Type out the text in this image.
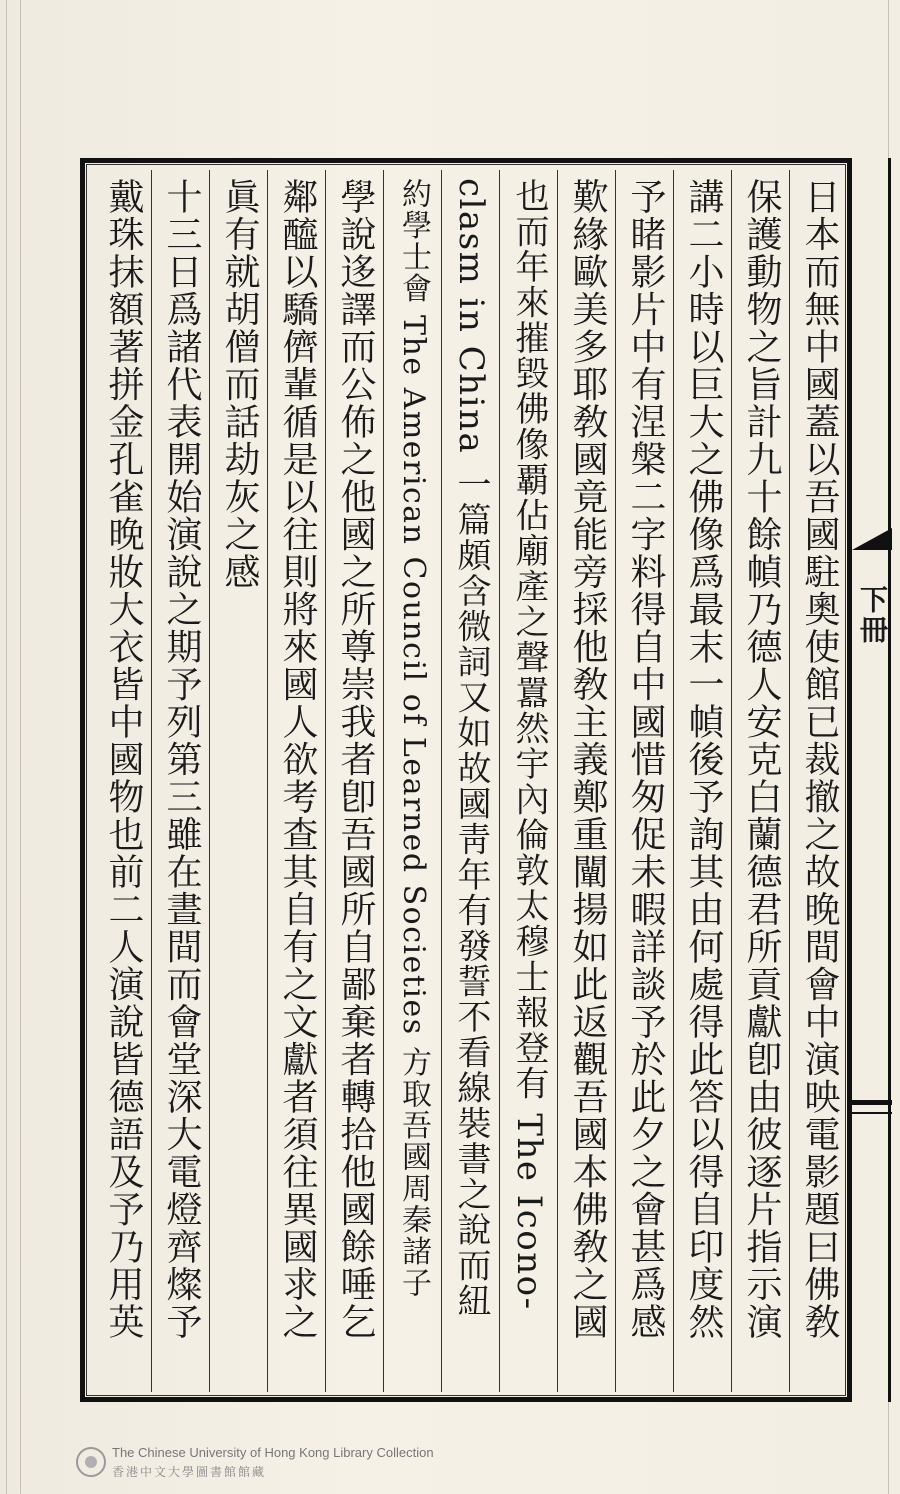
日本而無中國蓋以吾國駐奧使館已裁撤之故晚間會中演映電影題曰佛敎
保護動物之旨計九十餘幀乃德人安克白蘭德君所貢獻卽由彼逐片指示演
講二小時以巨大之佛像爲最末一幀後予詢其由何處得此答以得自印度然
予睹影片中有涅槃二字料得自中國惜匆促未暇詳談予於此夕之會甚爲感
歎緣歐美多耶敎國竟能旁採他敎主義鄭重闡揚如此返觀吾國本佛敎之國
也而年來摧毀佛像覇佔廟產之聲囂然宇內倫敦太穆士報登有 The Icono-
clasm in China 一篇頗含微詞又如故國靑年有發誓不看線裝書之說而紐
約學士會 The American Council of Learned Societies 方取吾國周秦諸子
學說迻譯而公佈之他國之所尊崇我者卽吾國所自鄙棄者轉拾他國餘唾乞
鄰醯以驕儕輩循是以往則將來國人欲考查其自有之文獻者須往異國求之
眞有就胡僧而話劫灰之感
十三日爲諸代表開始演說之期予列第三雖在晝間而會堂深大電燈齊燦予
戴珠抹額著拼金孔雀晚妝大衣皆中國物也前二人演說皆德語及予乃用英	下冊
The Chinese University of Hong Kong Library Collection
香港中文大學圖書館館藏
